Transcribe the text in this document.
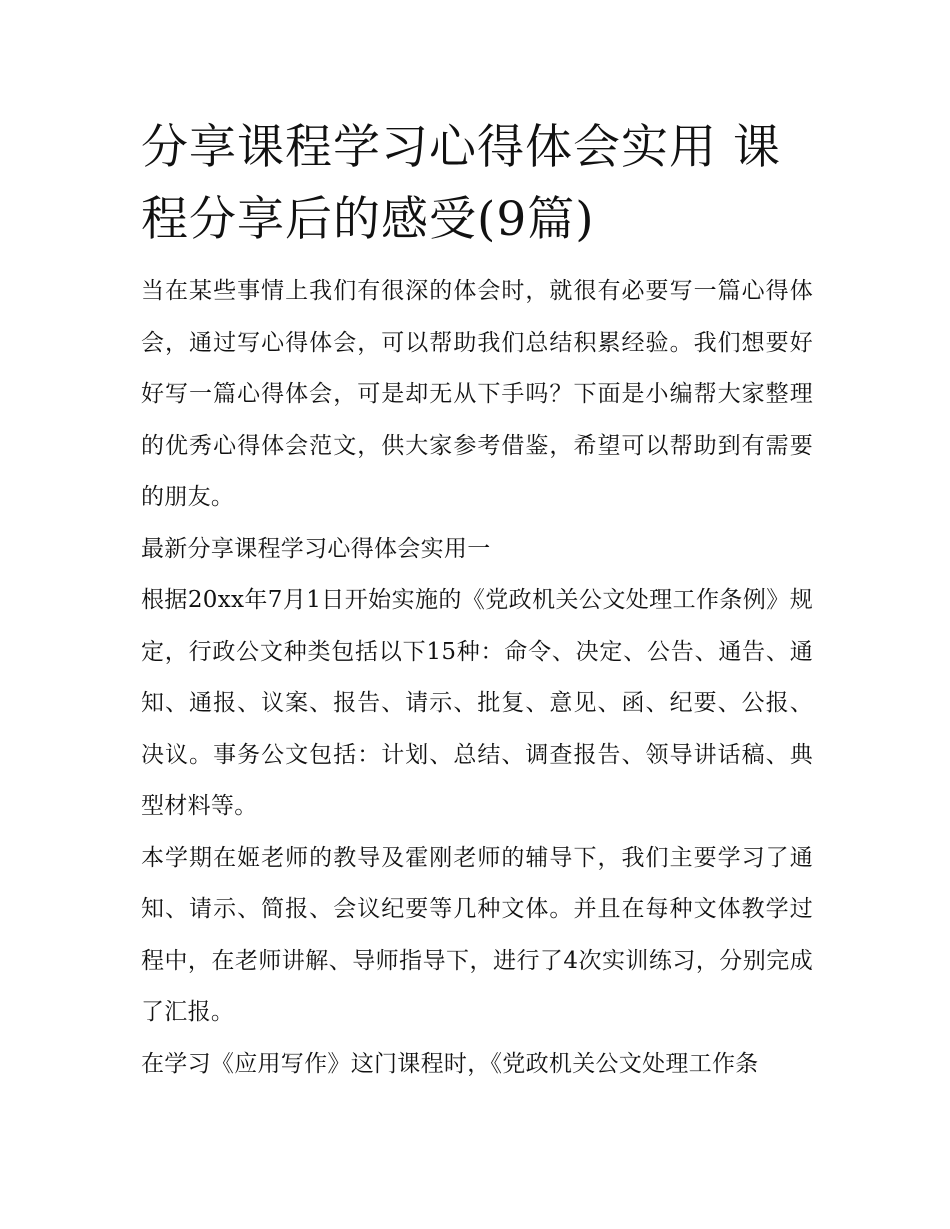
分享课程学习心得体会实用 课程分享后的感受(9篇)

当在某些事情上我们有很深的体会时，就很有必要写一篇心得体会，通过写心得体会，可以帮助我们总结积累经验。我们想要好好写一篇心得体会，可是却无从下手吗？下面是小编帮大家整理的优秀心得体会范文，供大家参考借鉴，希望可以帮助到有需要的朋友。

最新分享课程学习心得体会实用一

根据20xx年7月1日开始实施的《党政机关公文处理工作条例》规定，行政公文种类包括以下15种：命令、决定、公告、通告、通知、通报、议案、报告、请示、批复、意见、函、纪要、公报、决议。事务公文包括：计划、总结、调查报告、领导讲话稿、典型材料等。

本学期在姬老师的教导及霍刚老师的辅导下，我们主要学习了通知、请示、简报、会议纪要等几种文体。并且在每种文体教学过程中，在老师讲解、导师指导下，进行了4次实训练习，分别完成了汇报。

在学习《应用写作》这门课程时，《党政机关公文处理工作条
